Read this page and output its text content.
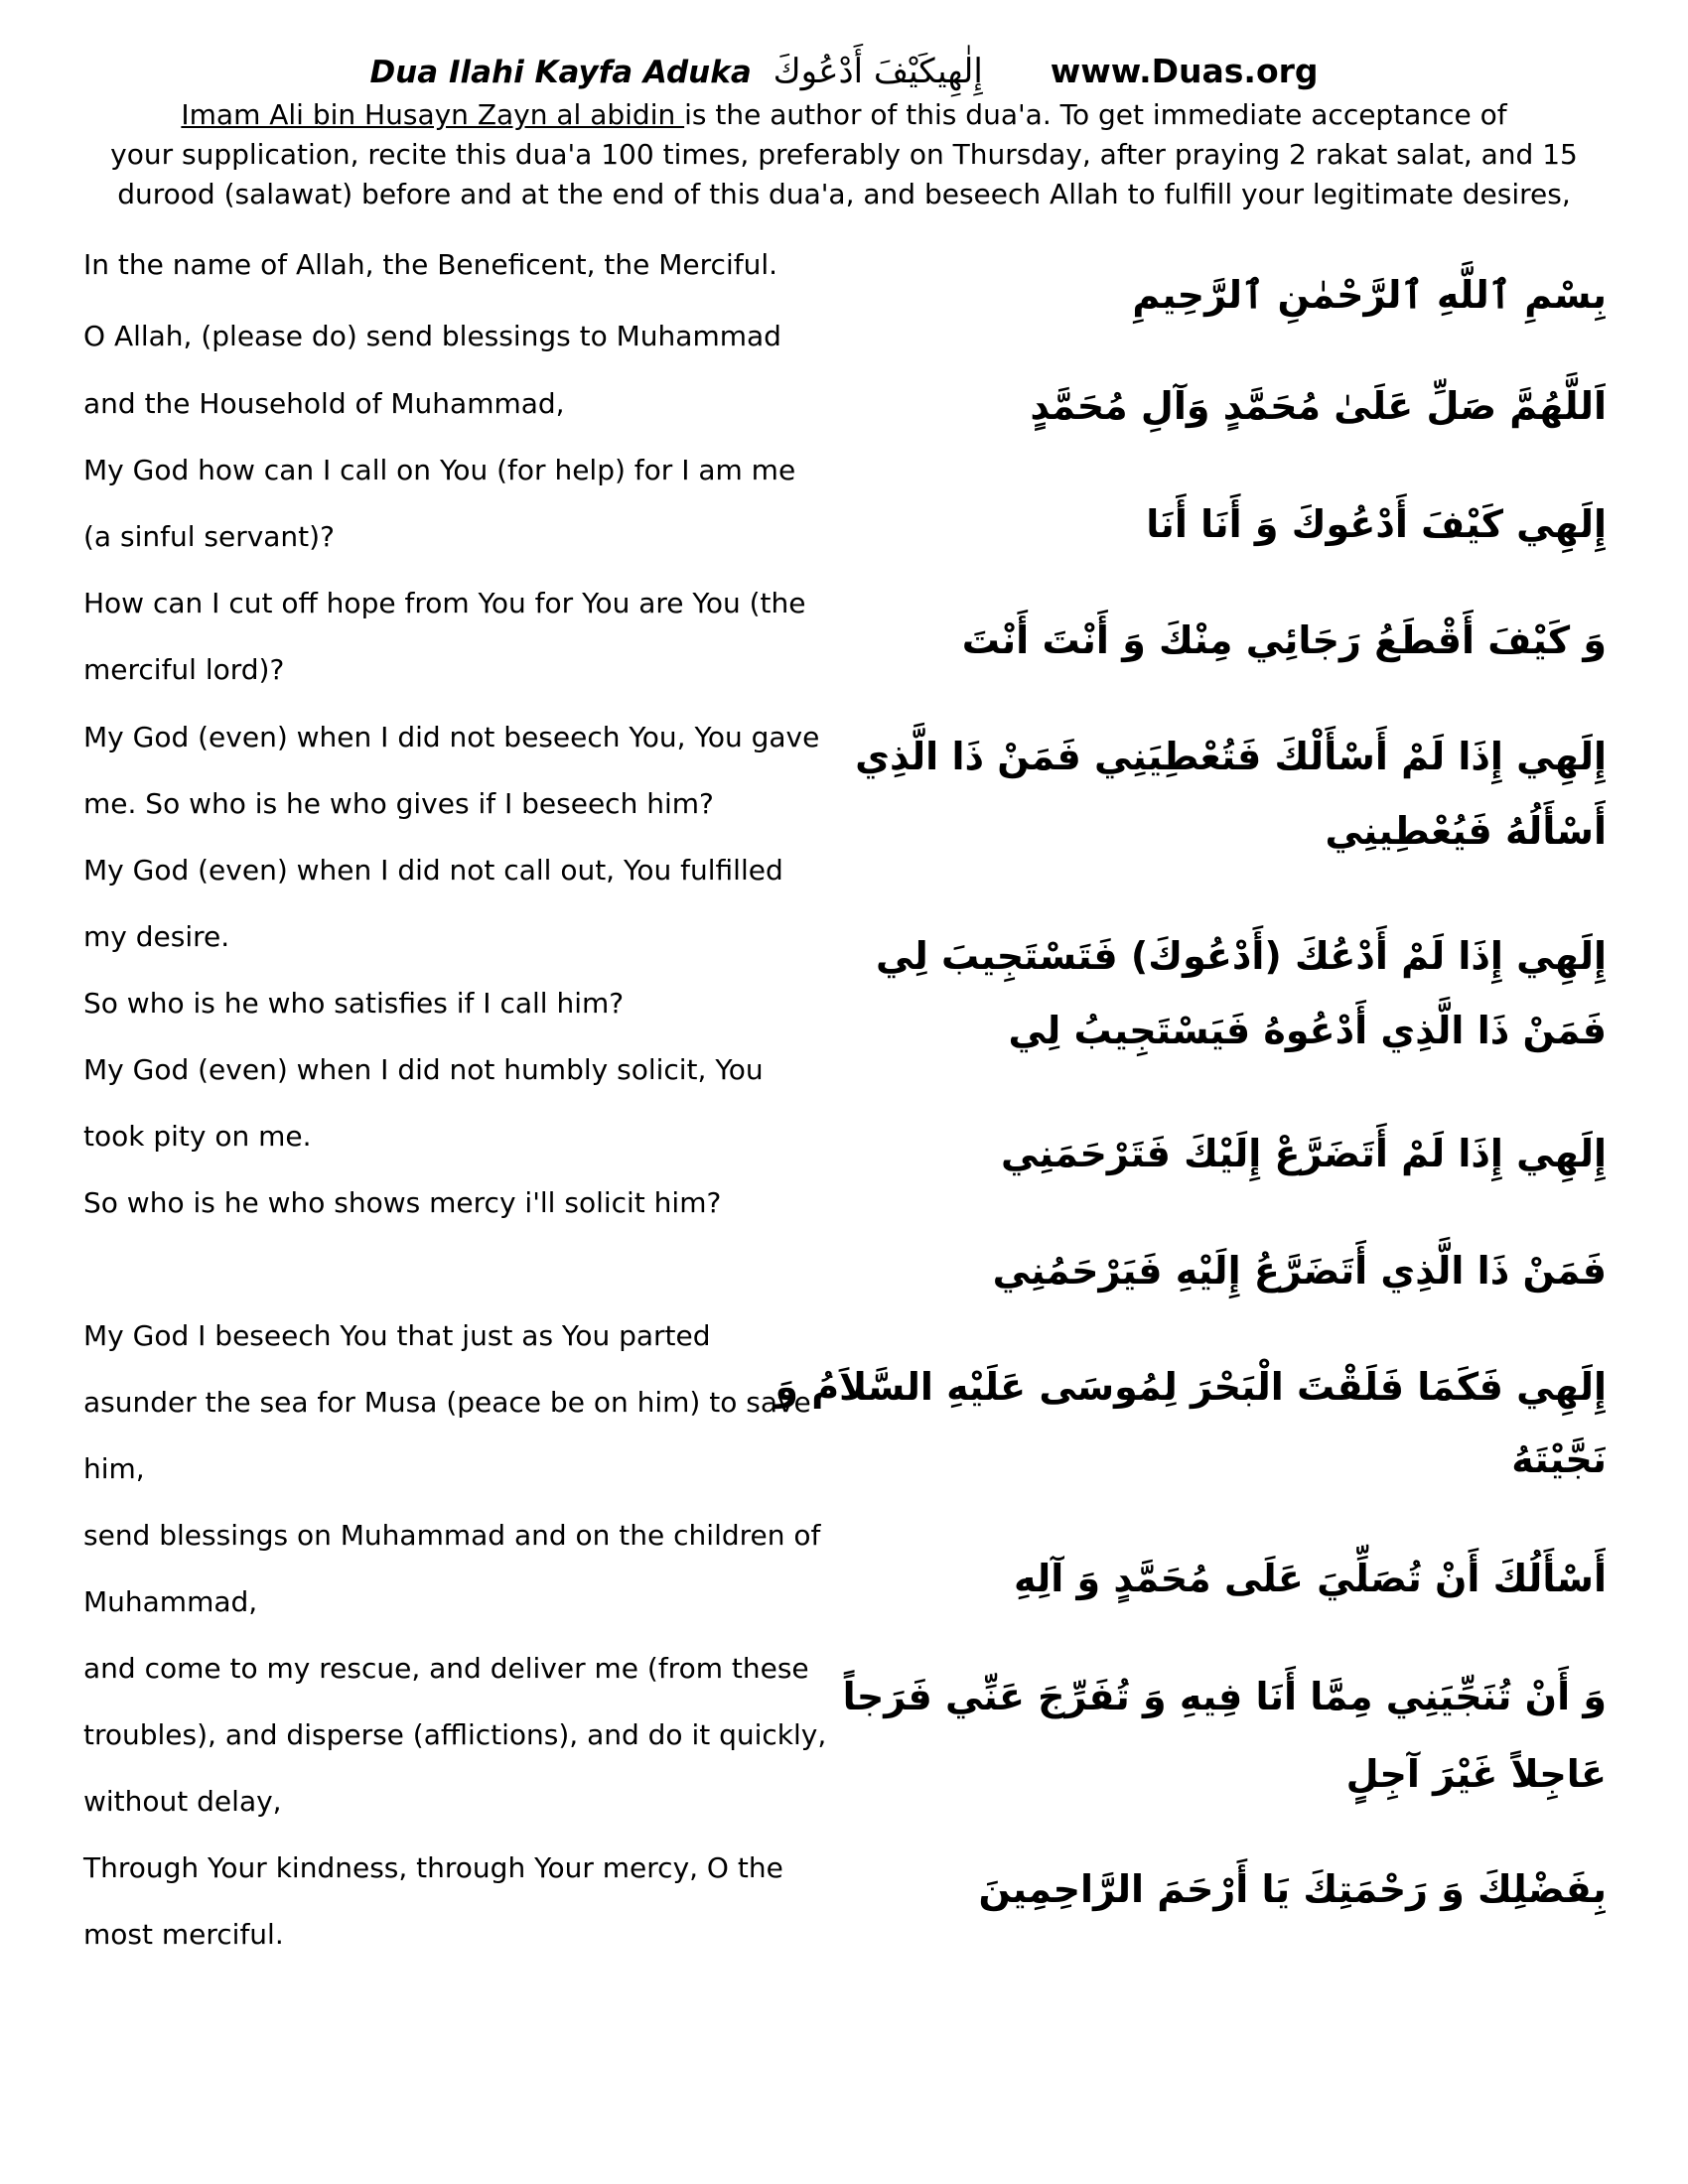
Dua Ilahi Kayfa Aduka إِلٰهِيكَيْفَ أَدْعُوكَ www.Duas.org
Imam Ali bin Husayn Zayn al abidin is the author of this dua'a. To get immediate acceptance of
your supplication, recite this dua'a 100 times, preferably on Thursday, after praying 2 rakat salat, and 15
durood (salawat) before and at the end of this dua'a, and beseech Allah to fulfill your legitimate desires,
In the name of Allah, the Beneficent, the Merciful.
O Allah, (please do) send blessings to Muhammad
and the Household of Muhammad,
My God how can I call on You (for help) for I am me
(a sinful servant)?
How can I cut off hope from You for You are You (the
merciful lord)?
My God (even) when I did not beseech You, You gave
me. So who is he who gives if I beseech him?
My God (even) when I did not call out, You fulfilled
my desire.
So who is he who satisfies if I call him?
My God (even) when I did not humbly solicit, You
took pity on me.
So who is he who shows mercy i'll solicit him?
My God I beseech You that just as You parted
asunder the sea for Musa (peace be on him) to save
him,
send blessings on Muhammad and on the children of
Muhammad,
and come to my rescue, and deliver me (from these
troubles), and disperse (afflictions), and do it quickly,
without delay,
Through Your kindness, through Your mercy, O the
most merciful.
بِسْمِ ٱللَّهِ ٱلرَّحْمٰنِ ٱلرَّحِيمِ
اَللَّهُمَّ صَلِّ عَلَىٰ مُحَمَّدٍ وَآلِ مُحَمَّدٍ
إِلَهِي كَيْفَ أَدْعُوكَ وَ أَنَا أَنَا
وَ كَيْفَ أَقْطَعُ رَجَائِي مِنْكَ وَ أَنْتَ أَنْتَ
إِلَهِي إِذَا لَمْ أَسْأَلْكَ فَتُعْطِيَنِي فَمَنْ ذَا الَّذِي
أَسْأَلُهُ فَيُعْطِينِي
إِلَهِي إِذَا لَمْ أَدْعُكَ (أَدْعُوكَ) فَتَسْتَجِيبَ لِي
فَمَنْ ذَا الَّذِي أَدْعُوهُ فَيَسْتَجِيبُ لِي
إِلَهِي إِذَا لَمْ أَتَضَرَّعْ إِلَيْكَ فَتَرْحَمَنِي
فَمَنْ ذَا الَّذِي أَتَضَرَّعُ إِلَيْهِ فَيَرْحَمُنِي
إِلَهِي فَكَمَا فَلَقْتَ الْبَحْرَ لِمُوسَى عَلَيْهِ السَّلاَمُ وَ
نَجَّيْتَهُ
أَسْأَلُكَ أَنْ تُصَلِّيَ عَلَى مُحَمَّدٍ وَ آلِهِ
وَ أَنْ تُنَجِّيَنِي مِمَّا أَنَا فِيهِ وَ تُفَرِّجَ عَنِّي فَرَجاً
عَاجِلاً غَيْرَ آجِلٍ
بِفَضْلِكَ وَ رَحْمَتِكَ يَا أَرْحَمَ الرَّاحِمِينَ
